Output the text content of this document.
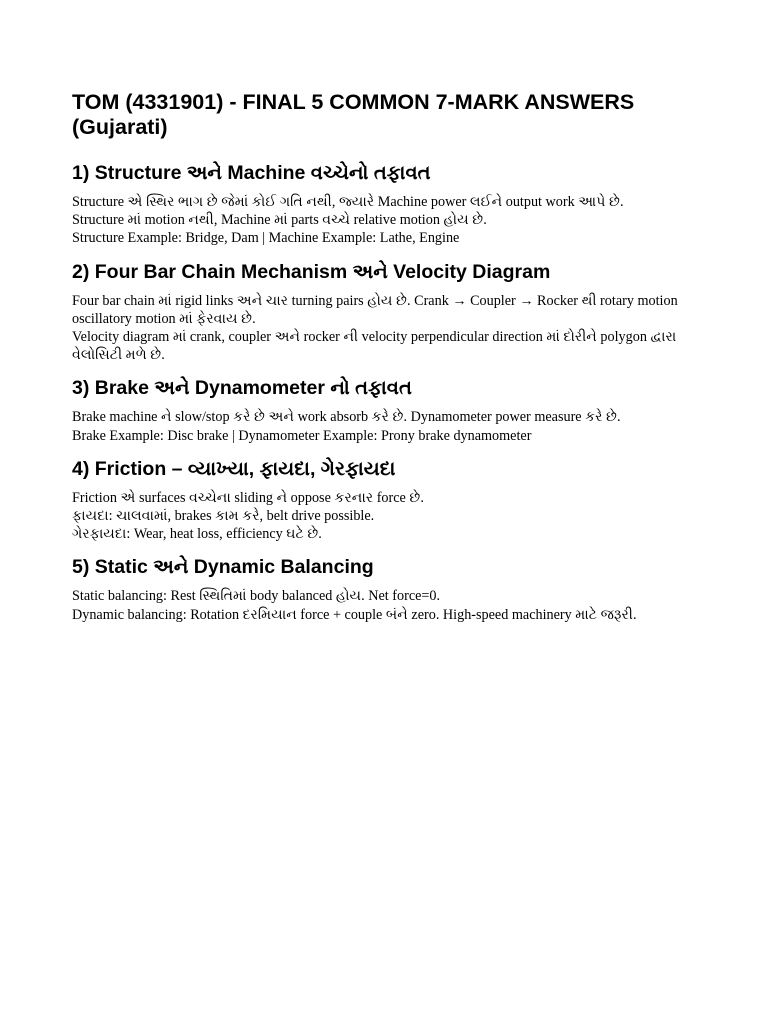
TOM (4331901) - FINAL 5 COMMON 7-MARK ANSWERS (Gujarati)
1) Structure અને Machine વચ્ચેનો તફાવત

Structure એ સ્થિર ભાગ છે જેમાં કોઈ ગતિ નથી, જ્યારે Machine power લઈને output work આપે છે.

Structure માં motion નથી, Machine માં parts વચ્ચે relative motion હોય છે.

Structure Example: Bridge, Dam | Machine Example: Lathe, Engine

2) Four Bar Chain Mechanism અને Velocity Diagram

Four bar chain માં rigid links અને ચાર turning pairs હોય છે. Crank → Coupler → Rocker થી rotary motion oscillatory motion માં ફેરવાય છે.

Velocity diagram માં crank, coupler અને rocker ની velocity perpendicular direction માં દોરીને polygon દ્વારા વેલોસિટી મળે છે.

3) Brake અને Dynamometer નો તફાવત

Brake machine ને slow/stop કરે છે અને work absorb કરે છે. Dynamometer power measure કરે છે.

Brake Example: Disc brake | Dynamometer Example: Prony brake dynamometer

4) Friction – વ્યાખ્યા, ફાયદા, ગેરફાયદા

Friction એ surfaces વચ્ચેના sliding ને oppose કરનાર force છે.

ફાયદા: ચાલવામાં, brakes કામ કરે, belt drive possible.

ગેરફાયદા: Wear, heat loss, efficiency ઘટે છે.

5) Static અને Dynamic Balancing

Static balancing: Rest સ્થિતિમાં body balanced હોય. Net force=0.

Dynamic balancing: Rotation દરમિયાન force + couple બંને zero. High-speed machinery માટે જરૂરી.
